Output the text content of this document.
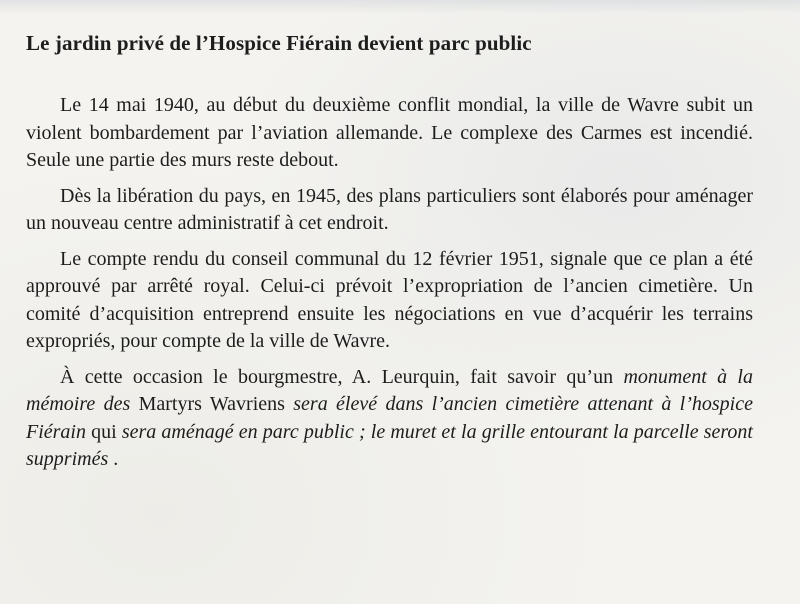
Le jardin privé de l’Hospice Fiérain devient parc public

Le 14 mai 1940, au début du deuxième conflit mondial, la ville de Wavre subit un violent bombardement par l’aviation allemande. Le complexe des Carmes est incendié. Seule une partie des murs reste debout.

Dès la libération du pays, en 1945, des plans particuliers sont élaborés pour aménager un nouveau centre administratif à cet endroit.

Le compte rendu du conseil communal du 12 février 1951, signale que ce plan a été approuvé par arrêté royal. Celui-ci prévoit l’expropriation de l’ancien cimetière. Un comité d’acquisition entreprend ensuite les négociations en vue d’acquérir les terrains expropriés, pour compte de la ville de Wavre.

À cette occasion le bourgmestre, A. Leurquin, fait savoir qu’un monument à la mémoire des Martyrs Wavriens sera élevé dans l’ancien cimetière attenant à l’hospice Fiérain qui sera aménagé en parc public ; le muret et la grille entourant la parcelle seront supprimés .
